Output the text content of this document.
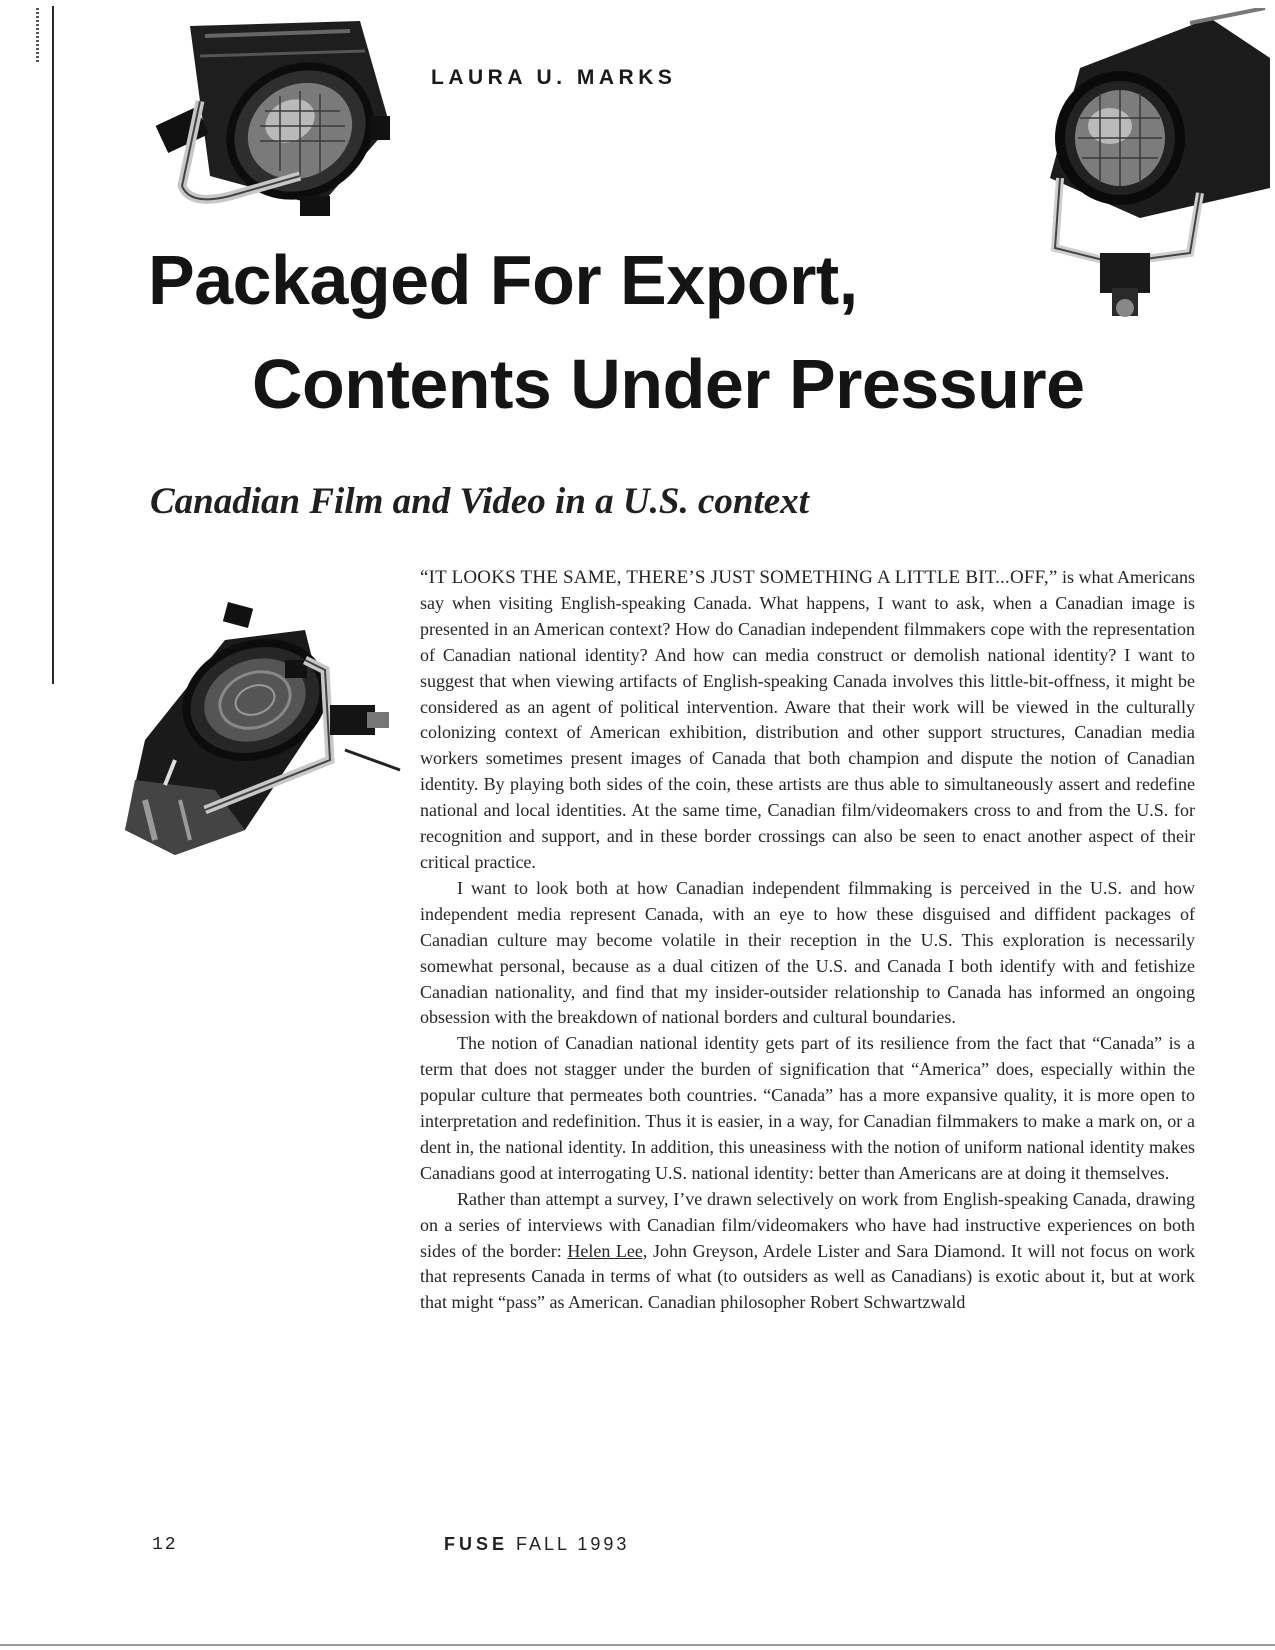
LAURA U. MARKS
Packaged For Export,
Contents Under Pressure
Canadian Film and Video in a U.S. context

“IT LOOKS THE SAME, THERE’S JUST SOMETHING A LITTLE BIT...OFF,” is what Americans say when visiting English-speaking Canada. What happens, I want to ask, when a Canadian image is presented in an American context? How do Canadian independent filmmakers cope with the representation of Canadian national identity? And how can media construct or demolish national identity? I want to suggest that when viewing artifacts of English-speaking Canada involves this little-bit-offness, it might be considered as an agent of political intervention. Aware that their work will be viewed in the culturally colonizing context of American exhibition, distribution and other support structures, Canadian media workers sometimes present images of Canada that both champion and dispute the notion of Canadian identity. By playing both sides of the coin, these artists are thus able to simultaneously assert and redefine national and local identities. At the same time, Canadian film/videomakers cross to and from the U.S. for recognition and support, and in these border crossings can also be seen to enact another aspect of their critical practice.

I want to look both at how Canadian independent filmmaking is perceived in the U.S. and how independent media represent Canada, with an eye to how these disguised and diffident packages of Canadian culture may become volatile in their reception in the U.S. This exploration is necessarily somewhat personal, because as a dual citizen of the U.S. and Canada I both identify with and fetishize Canadian nationality, and find that my insider-outsider relationship to Canada has informed an ongoing obsession with the breakdown of national borders and cultural boundaries.

The notion of Canadian national identity gets part of its resilience from the fact that “Canada” is a term that does not stagger under the burden of signification that “America” does, especially within the popular culture that permeates both countries. “Canada” has a more expansive quality, it is more open to interpretation and redefinition. Thus it is easier, in a way, for Canadian filmmakers to make a mark on, or a dent in, the national identity. In addition, this uneasiness with the notion of uniform national identity makes Canadians good at interrogating U.S. national identity: better than Americans are at doing it themselves.

Rather than attempt a survey, I’ve drawn selectively on work from English-speaking Canada, drawing on a series of interviews with Canadian film/videomakers who have had instructive experiences on both sides of the border: Helen Lee, John Greyson, Ardele Lister and Sara Diamond. It will not focus on work that represents Canada in terms of what (to outsiders as well as Canadians) is exotic about it, but at work that might “pass” as American. Canadian philosopher Robert Schwartzwald

12	FUSE FALL 1993
